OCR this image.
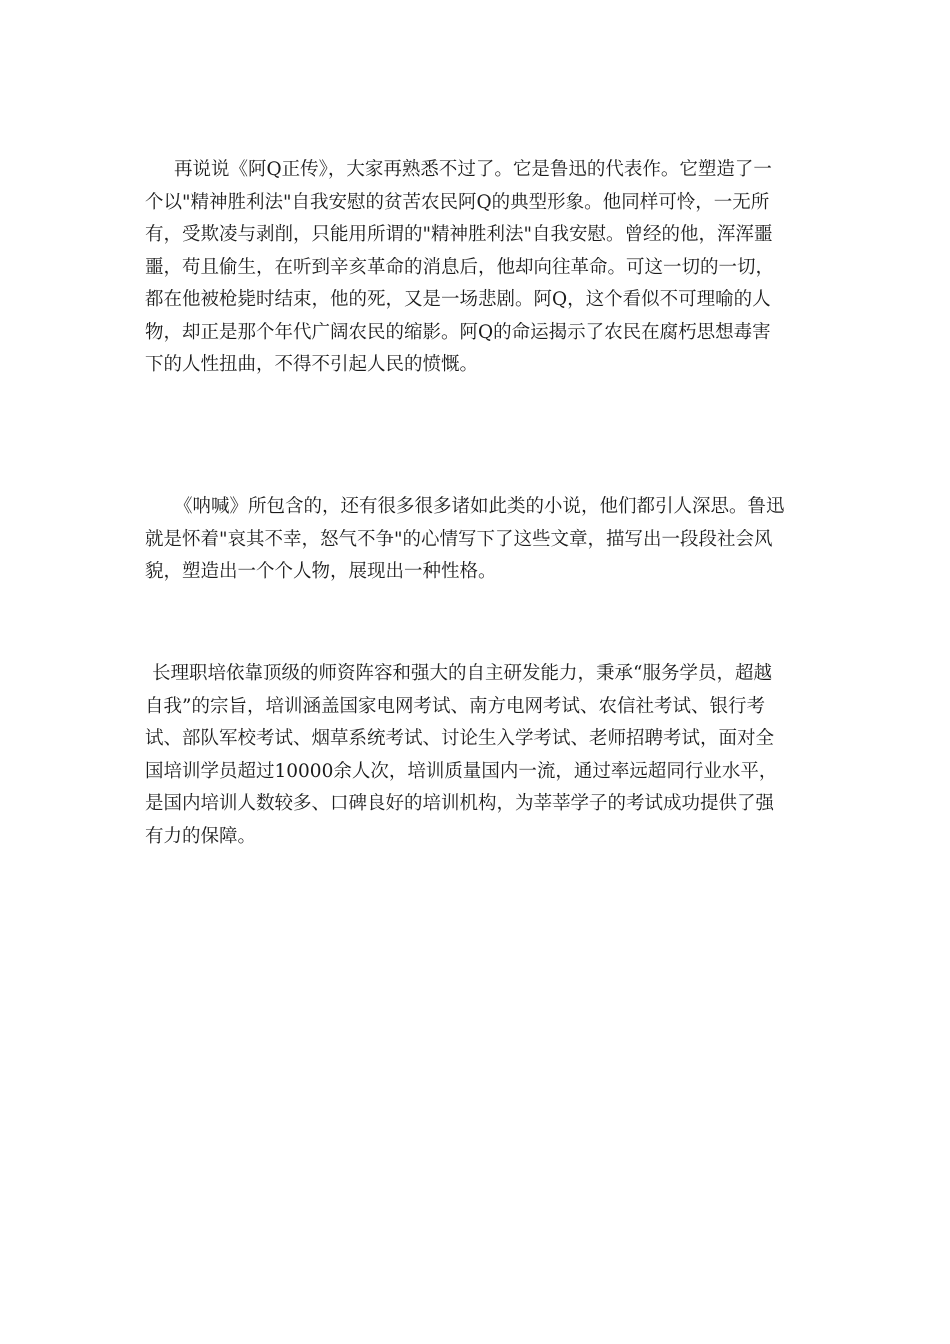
再说说《阿Q正传》，大家再熟悉不过了。它是鲁迅的代表作。它塑造了一
个以"精神胜利法"自我安慰的贫苦农民阿Q的典型形象。他同样可怜，一无所
有，受欺凌与剥削，只能用所谓的"精神胜利法"自我安慰。曾经的他，浑浑噩
噩，苟且偷生，在听到辛亥革命的消息后，他却向往革命。可这一切的一切，
都在他被枪毙时结束，他的死，又是一场悲剧。阿Q，这个看似不可理喻的人
物，却正是那个年代广阔农民的缩影。阿Q的命运揭示了农民在腐朽思想毒害
下的人性扭曲，不得不引起人民的愤慨。
《呐喊》所包含的，还有很多很多诸如此类的小说，他们都引人深思。鲁迅
就是怀着"哀其不幸，怒气不争"的心情写下了这些文章，描写出一段段社会风
貌，塑造出一个个人物，展现出一种性格。
长理职培依靠顶级的师资阵容和强大的自主研发能力，秉承“服务学员，超越
自我”的宗旨，培训涵盖国家电网考试、南方电网考试、农信社考试、银行考
试、部队军校考试、烟草系统考试、讨论生入学考试、老师招聘考试，面对全
国培训学员超过10000余人次，培训质量国内一流，通过率远超同行业水平，
是国内培训人数较多、口碑良好的培训机构，为莘莘学子的考试成功提供了强
有力的保障。
